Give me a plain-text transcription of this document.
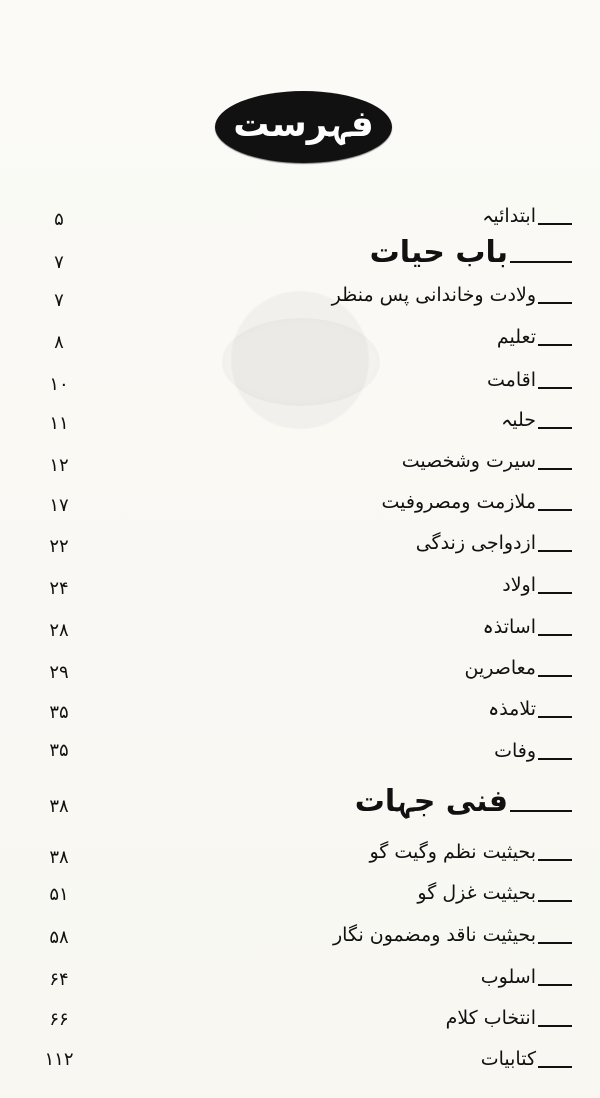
فہرست
۵	ابتدائیہ
۷	باب حیات
۷	ولادت وخاندانی پس منظر
۸	تعلیم
۱۰	اقامت
۱۱	حلیہ
۱۲	سیرت وشخصیت
۱۷	ملازمت ومصروفیت
۲۲	ازدواجی زندگی
۲۴	اولاد
۲۸	اساتذہ
۲۹	معاصرین
۳۵	تلامذہ
۳۵	وفات
۳۸	فنی جہات
۳۸	بحیثیت نظم وگیت گو
۵۱	بحیثیت غزل گو
۵۸	بحیثیت ناقد ومضمون نگار
۶۴	اسلوب
۶۶	انتخاب کلام
۱۱۲	کتابیات
